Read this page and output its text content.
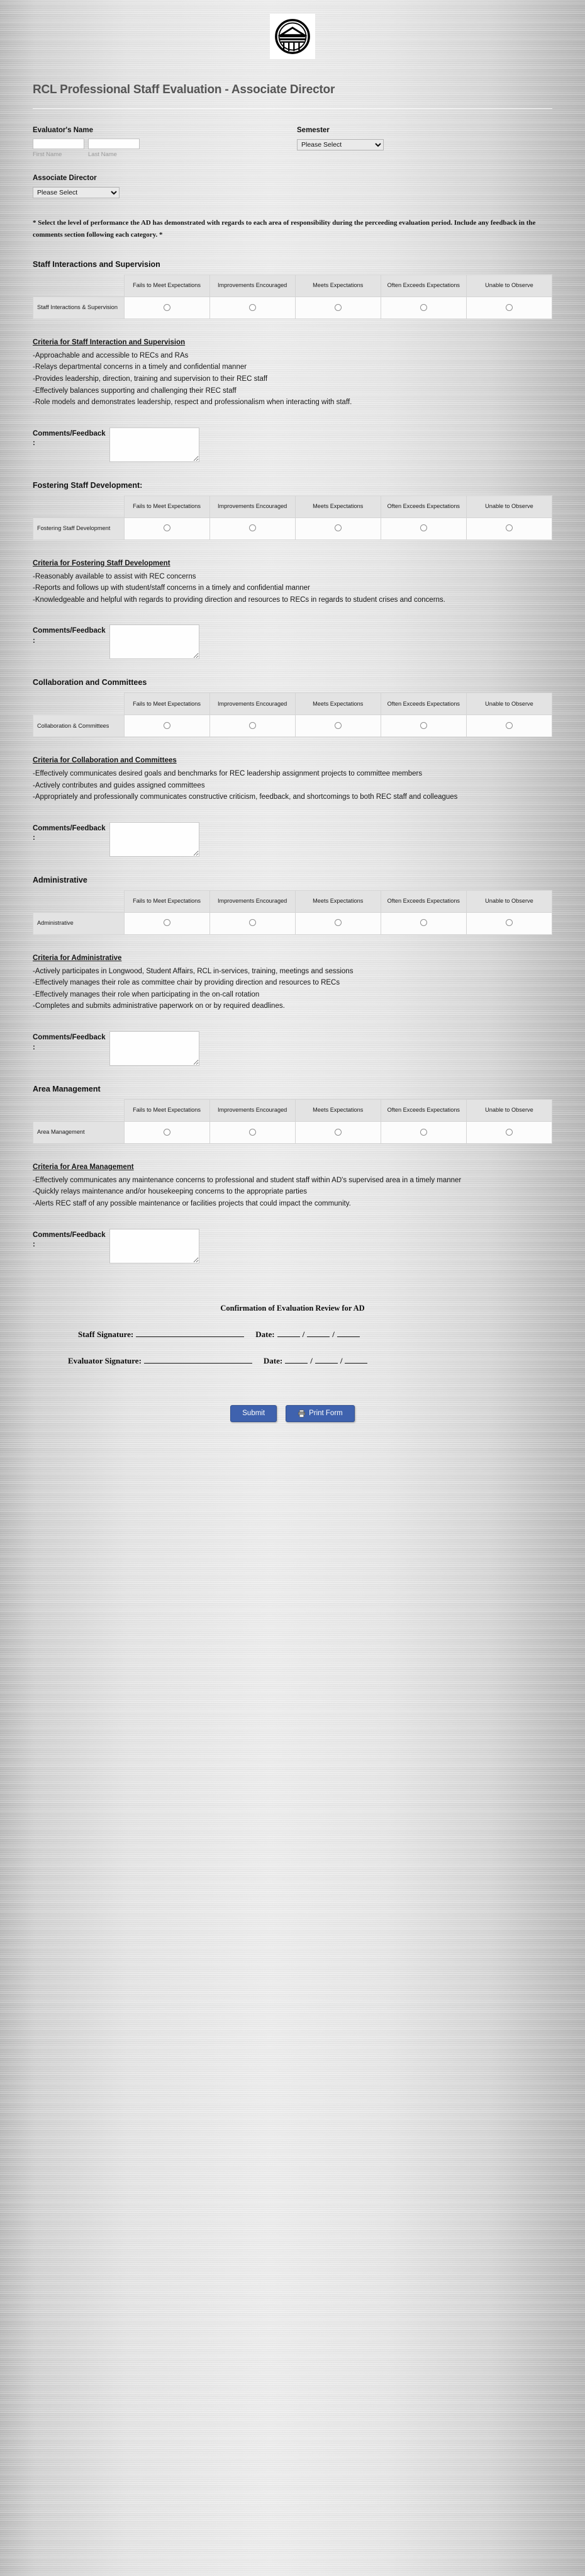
RCL Professional Staff Evaluation - Associate Director
Evaluator's Name
First Name	Last Name
Semester
Please Select
Associate Director
Please Select
* Select the level of performance the AD has demonstrated with regards to each area of responsibility during the perceeding evaluation period. Include any feedback in the comments section following each category. *
Staff Interactions and Supervision
	Fails to Meet Expectations	Improvements Encouraged	Meets Expectations	Often Exceeds Expectations	Unable to Observe
Staff Interactions & Supervision					
Criteria for Staff Interaction and Supervision

-Approachable and accessible to RECs and RAs

-Relays departmental concerns in a timely and confidential manner

-Provides leadership, direction, training and supervision to their REC staff

-Effectively balances supporting and challenging their REC staff

-Role models and demonstrates leadership, respect and professionalism when interacting with staff.

Comments/Feedback :
Fostering Staff Development:
	Fails to Meet Expectations	Improvements Encouraged	Meets Expectations	Often Exceeds Expectations	Unable to Observe
Fostering Staff Development					
Criteria for Fostering Staff Development

-Reasonably available to assist with REC concerns

-Reports and follows up with student/staff concerns in a timely and confidential manner

-Knowledgeable and helpful with regards to providing direction and resources to RECs in regards to student crises and concerns.

Comments/Feedback :
Collaboration and Committees
	Fails to Meet Expectations	Improvements Encouraged	Meets Expectations	Often Exceeds Expectations	Unable to Observe
Collaboration & Committees					
Criteria for Collaboration and Committees

-Effectively communicates desired goals and benchmarks for REC leadership assignment projects to committee members

-Actively contributes and guides assigned committees

-Appropriately and professionally communicates constructive criticism, feedback, and shortcomings to both REC staff and colleagues

Comments/Feedback :
Administrative
	Fails to Meet Expectations	Improvements Encouraged	Meets Expectations	Often Exceeds Expectations	Unable to Observe
Administrative					
Criteria for Administrative

-Actively participates in Longwood, Student Affairs, RCL in-services, training, meetings and sessions

-Effectively manages their role as committee chair by providing direction and resources to RECs

-Effectively manages their role when participating in the on-call rotation

-Completes and submits administrative paperwork on or by required deadlines.

Comments/Feedback :
Area Management
	Fails to Meet Expectations	Improvements Encouraged	Meets Expectations	Often Exceeds Expectations	Unable to Observe
Area Management					
Criteria for Area Management

-Effectively communicates any maintenance concerns to professional and student staff within AD's supervised area in a timely manner

-Quickly relays maintenance and/or housekeeping concerns to the appropriate parties

-Alerts REC staff of any possible maintenance or facilities projects that could impact the community.

Comments/Feedback :
Confirmation of Evaluation Review for AD
Staff Signature:	Date:	/	/
Evaluator Signature:	Date:	/	/
Submit	Print Form
